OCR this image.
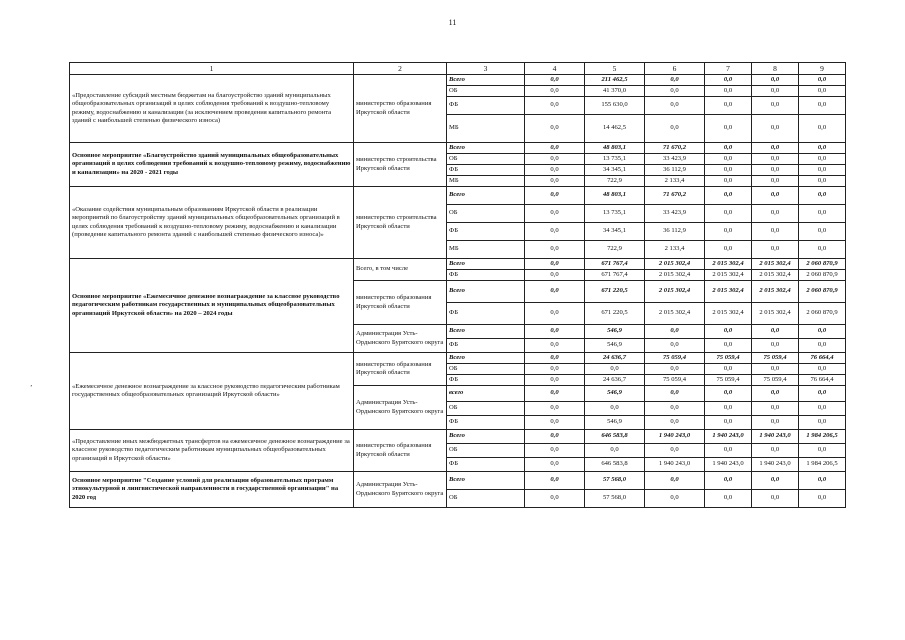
11
ʼ
1	2	3	4	5	6	7	8	9
«Предоставление субсидий местным бюджетам на благоустройство зданий муниципальных общеобразовательных организаций в целях соблюдения требований к воздушно-тепловому режиму, водоснабжению и канализации (за исключением проведения капитального ремонта зданий с наибольшей степенью физического износа)	министерство образования Иркутской области	Всего	0,0	211 462,5	0,0	0,0	0,0	0,0
		ОБ	0,0	41 370,0	0,0	0,0	0,0	0,0
		ФБ	0,0	155 630,0	0,0	0,0	0,0	0,0
		МБ	0,0	14 462,5	0,0	0,0	0,0	0,0
Основное мероприятие «Благоустройство зданий муниципальных общеобразовательных организаций в целях соблюдения требований к воздушно-тепловому режиму, водоснабжению и канализации» на 2020 - 2021 годы	министерство строительства Иркутской области	Всего	0,0	48 803,1	71 670,2	0,0	0,0	0,0
		ОБ	0,0	13 735,1	33 423,9	0,0	0,0	0,0
		ФБ	0,0	34 345,1	36 112,9	0,0	0,0	0,0
		МБ	0,0	722,9	2 133,4	0,0	0,0	0,0
«Оказание содействия муниципальным образованиям Иркутской области в реализации мероприятий по благоустройству зданий муниципальных общеобразовательных организаций в целях соблюдения требований к воздушно-тепловому режиму, водоснабжению и канализации (проведение капитального ремонта зданий с наибольшей степенью физического износа)»	министерство строительства Иркутской области	Всего	0,0	48 803,1	71 670,2	0,0	0,0	0,0
		ОБ	0,0	13 735,1	33 423,9	0,0	0,0	0,0
		ФБ	0,0	34 345,1	36 112,9	0,0	0,0	0,0
		МБ	0,0	722,9	2 133,4	0,0	0,0	0,0
Основное мероприятие «Ежемесячное денежное вознаграждение за классное руководство педагогическим работникам государственных и муниципальных общеобразовательных организаций Иркутской области» на 2020 – 2024 годы	Всего, в том числе	Всего	0,0	671 767,4	2 015 302,4	2 015 302,4	2 015 302,4	2 060 870,9
		ФБ	0,0	671 767,4	2 015 302,4	2 015 302,4	2 015 302,4	2 060 870,9
	министерство образования Иркутской области	Всего	0,0	671 220,5	2 015 302,4	2 015 302,4	2 015 302,4	2 060 870,9
		ФБ	0,0	671 220,5	2 015 302,4	2 015 302,4	2 015 302,4	2 060 870,9
	Администрация Усть-Ордынского Бурятского округа	Всего	0,0	546,9	0,0	0,0	0,0	0,0
		ФБ	0,0	546,9	0,0	0,0	0,0	0,0
«Ежемесячное денежное вознаграждение за классное руководство педагогическим работникам государственных общеобразовательных организаций Иркутской области»	министерство образования Иркутской области	Всего	0,0	24 636,7	75 059,4	75 059,4	75 059,4	76 664,4
		ОБ	0,0	0,0	0,0	0,0	0,0	0,0
		ФБ	0,0	24 636,7	75 059,4	75 059,4	75 059,4	76 664,4
	Администрация Усть-Ордынского Бурятского округа	всего	0,0	546,9	0,0	0,0	0,0	0,0
		ОБ	0,0	0,0	0,0	0,0	0,0	0,0
		ФБ	0,0	546,9	0,0	0,0	0,0	0,0
«Предоставление иных межбюджетных трансфертов на ежемесячное денежное вознаграждение за классное руководство педагогическим работникам муниципальных общеобразовательных организаций в Иркутской области»	министерство образования Иркутской области	Всего	0,0	646 583,8	1 940 243,0	1 940 243,0	1 940 243,0	1 984 206,5
		ОБ	0,0	0,0	0,0	0,0	0,0	0,0
		ФБ	0,0	646 583,8	1 940 243,0	1 940 243,0	1 940 243,0	1 984 206,5
Основное мероприятие "Создание условий для реализации образовательных программ этнокультурной и лингвистической направленности в государственной организации" на 2020 год	Администрация Усть-Ордынского Бурятского округа	Всего	0,0	57 568,0	0,0	0,0	0,0	0,0
		ОБ	0,0	57 568,0	0,0	0,0	0,0	0,0
